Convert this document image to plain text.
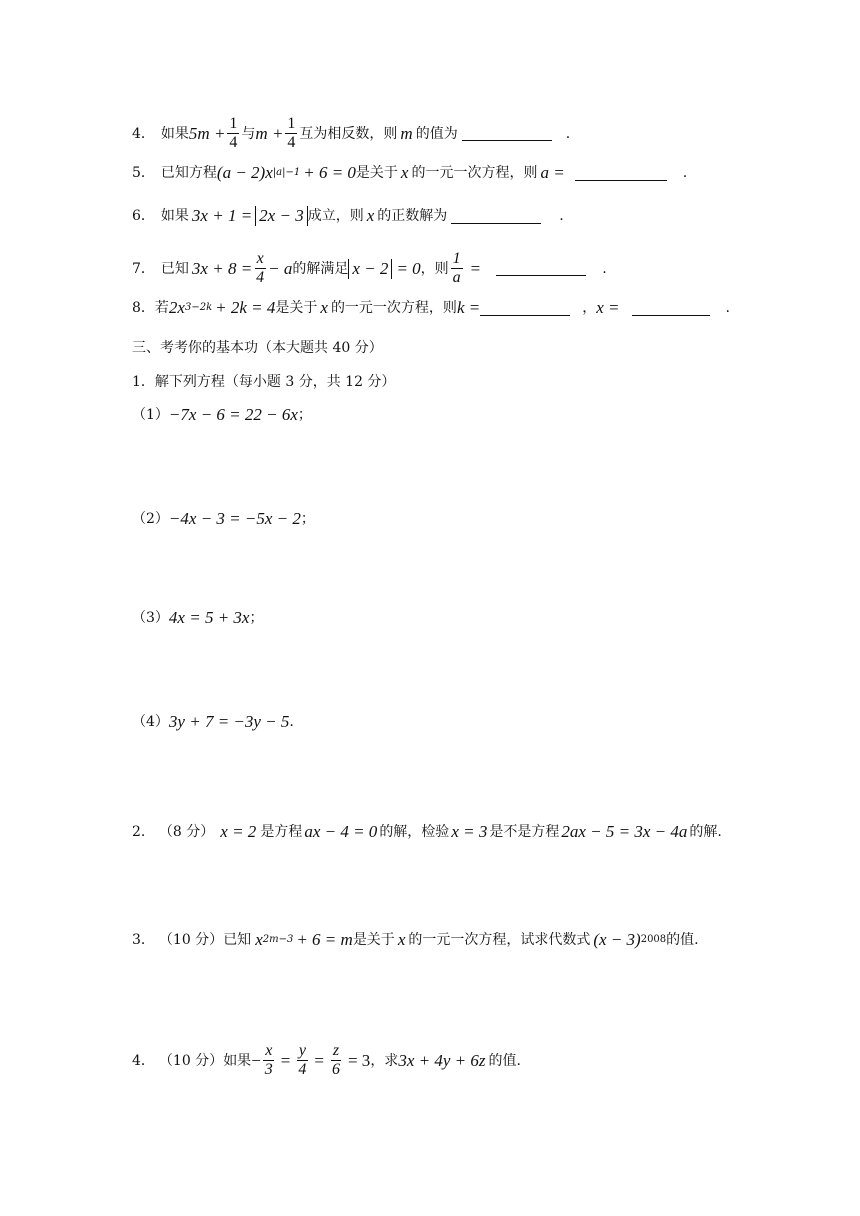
4． 如果 $5m + \frac{1}{4}$ 与 $m + \frac{1}{4}$ 互为相反数，则 m 的值为	.
5． 已知方程 (a − 2)x |a|−1 + 6 = 0 是关于 x 的一元一次方程，则 a =	.
6． 如果 3x + 1 = 2x − 3 成立，则 x 的正数解为	.
7． 已知 $3x + 8 = \frac{x}{4} - a$ 的解满足 x − 2 = 0 ，则 $\frac{1}{a}$ =	.
8． 若 2x 3−2k + 2k = 4 是关于 x 的一元一次方程，则 k =	， x =	.
三、考考你的基本功（本大题共 40 分）
1．解下列方程（每小题 3 分，共 12 分）
（1） −7x − 6 = 22 − 6x ；
（2） −4x − 3 = −5x − 2 ；
（3） 4x = 5 + 3x ；
（4） 3y + 7 = −3y − 5 .
2． （8 分） x = 2 是方程 ax − 4 = 0 的解，检验 x = 3 是不是方程 2ax − 5 = 3x − 4a 的解.
3． （10 分） 已知 x 2m−3 + 6 = m 是关于 x 的一元一次方程，试求代数式 (x − 3) 2008 的值.
4． （10 分） 如果 − $\frac{x}{3} = \frac{y}{4} = \frac{z}{6} = 3$ ，求 3x + 4y + 6z 的值.
